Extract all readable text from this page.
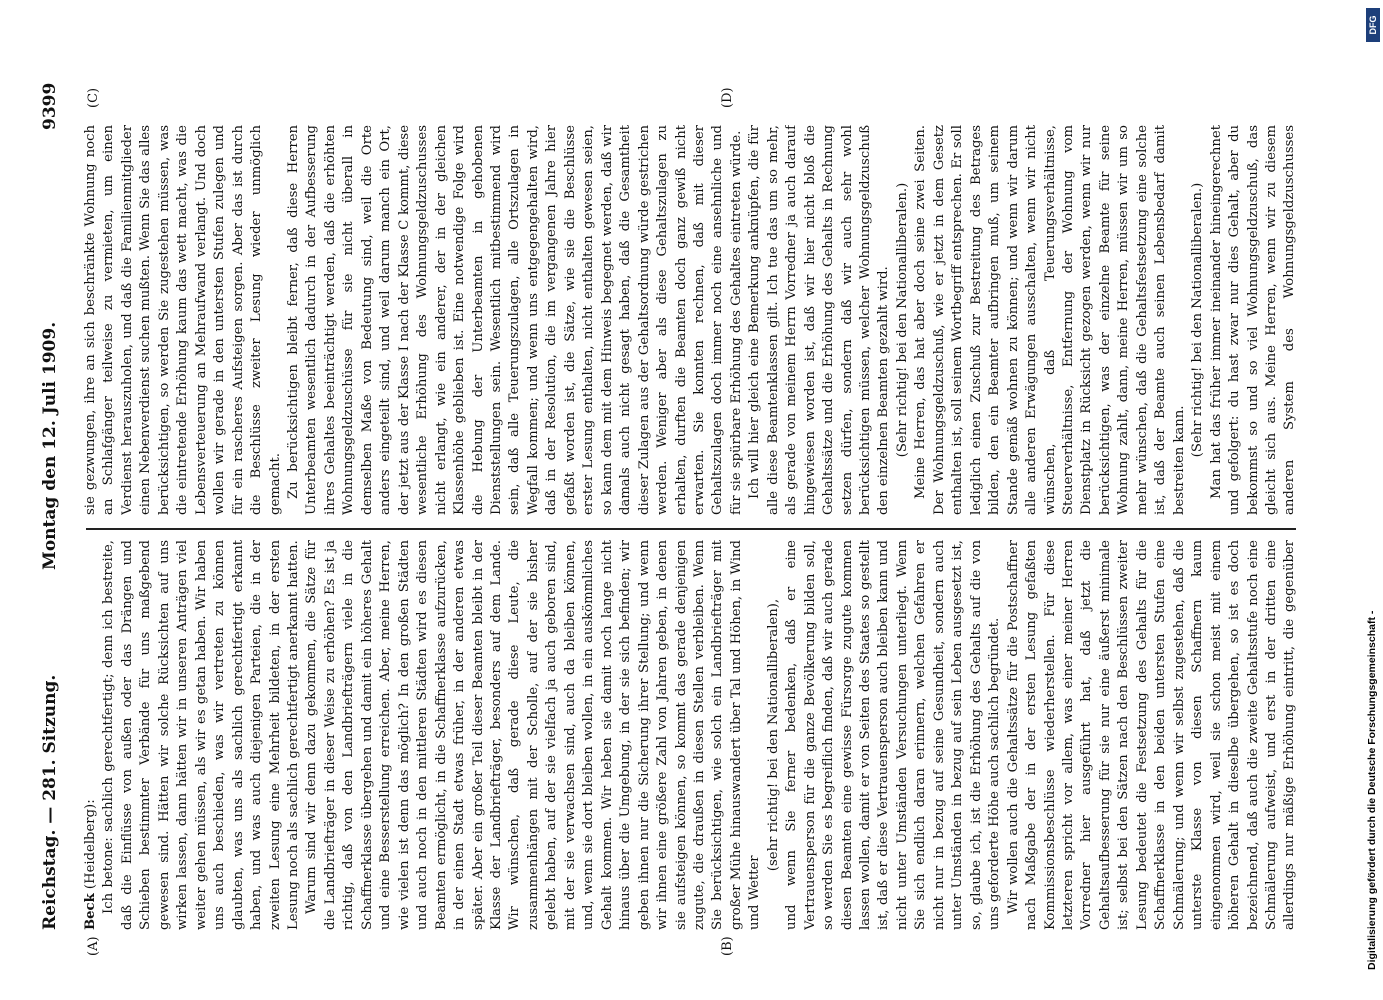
Reichstag. — 281. Sitzung.
Montag den 12. Juli 1909.
9399
(A)	(B)
(C)	(D)

Beck (Heidelberg): Ich betone: sachlich gerechtfertigt; denn ich bestreite, daß die Einflüsse von außen oder das Drängen und Schieben bestimmter Verbände für uns maßgebend gewesen sind. Hätten wir solche Rücksichten auf uns wirken lassen, dann hätten wir in unseren Anträgen viel weiter gehen müssen, als wir es getan haben. Wir haben uns auch beschieden, was wir vertreten zu können glaubten, was uns als sachlich gerechtfertigt erkannt haben, und was auch diejenigen Parteien, die in der zweiten Lesung eine Mehrheit bildeten, in der ersten Lesung noch als sachlich gerechtfertigt anerkannt hatten. Warum sind wir denn dazu gekommen, die Sätze für die Landbriefträger in dieser Weise zu erhöhen? Es ist ja richtig, daß von den Landbriefträgern viele in die Schaffnerklasse übergehen und damit ein höheres Gehalt und eine Besserstellung erreichen. Aber, meine Herren, wie vielen ist denn das möglich? In den großen Städten und auch noch in den mittleren Städten wird es diesen Beamten ermöglicht, in die Schaffnerklasse aufzurücken, in der einen Stadt etwas früher, in der anderen etwas später. Aber ein großer Teil dieser Beamten bleibt in der Klasse der Landbriefträger, besonders auf dem Lande. Wir wünschen, daß gerade diese Leute, die zusammenhängen mit der Scholle, auf der sie bisher gelebt haben, auf der sie vielfach ja auch geboren sind, mit der sie verwachsen sind, auch da bleiben können, und, wenn sie dort bleiben wollen, in ein auskömmliches Gehalt kommen. Wir heben sie damit noch lange nicht hinaus über die Umgebung, in der sie sich befinden; wir geben ihnen nur die Sicherung ihrer Stellung; und wenn wir ihnen eine größere Zahl von Jahren geben, in denen sie aufsteigen können, so kommt das gerade denjenigen zugute, die draußen in diesen Stellen verbleiben. Wenn Sie berücksichtigen, wie solch ein Landbriefträger mit großer Mühe hinauswandert über Tal und Höhen, in Wind und Wetter

(sehr richtig! bei den Nationalliberalen), und wenn Sie ferner bedenken, daß er eine Vertrauensperson für die ganze Bevölkerung bilden soll, so werden Sie es begreiflich finden, daß wir auch gerade diesen Beamten eine gewisse Fürsorge zugute kommen lassen wollen, damit er von Seiten des Staates so gestellt ist, daß er diese Vertrauensperson auch bleiben kann und nicht unter Umständen Versuchungen unterliegt. Wenn Sie sich endlich daran erinnern, welchen Gefahren er nicht nur in bezug auf seine Gesundheit, sondern auch unter Umständen in bezug auf sein Leben ausgesetzt ist, so, glaube ich, ist die Erhöhung des Gehalts auf die von uns geforderte Höhe auch sachlich begründet. Wir wollen auch die Gehaltssätze für die Postschaffner nach Maßgabe der in der ersten Lesung gefaßten Kommissionsbeschlüsse wiederherstellen. Für diese letzteren spricht vor allem, was einer meiner Herren Vorredner hier ausgeführt hat, daß jetzt die Gehaltsaufbesserung für sie nur eine äußerst minimale ist; selbst bei den Sätzen nach den Beschlüssen zweiter Lesung bedeutet die Festsetzung des Gehalts für die Schaffnerklasse in den beiden untersten Stufen eine Schmälerung; und wenn wir selbst zugestehen, daß die unterste Klasse von diesen Schaffnern kaum eingenommen wird, weil sie schon meist mit einem höheren Gehalt in dieselbe übergehen, so ist es doch bezeichnend, daß auch die zweite Gehaltsstufe noch eine Schmälerung aufweist, und erst in der dritten eine allerdings nur mäßige Erhöhung eintritt, die gegenüber

sie gezwungen, ihre an sich beschränkte Wohnung noch an Schlafgänger teilweise zu vermieten, um einen Verdienst herauszuholen, und daß die Familienmitglieder einen Nebenverdienst suchen mußten. Wenn Sie das alles berücksichtigen, so werden Sie zugestehen müssen, was die eintretende Erhöhung kaum das wett macht, was die Lebensverteuerung an Mehraufwand verlangt. Und doch wollen wir gerade in den untersten Stufen zulegen und für ein rascheres Aufsteigen sorgen. Aber das ist durch die Beschlüsse zweiter Lesung wieder unmöglich gemacht. Zu berücksichtigen bleibt ferner, daß diese Herren Unterbeamten wesentlich dadurch in der Aufbesserung ihres Gehaltes beeinträchtigt werden, daß die erhöhten Wohnungsgeldzuschüsse für sie nicht überall in demselben Maße von Bedeutung sind, weil die Orte anders eingeteilt sind, und weil darum manch ein Ort, der jetzt aus der Klasse I nach der Klasse C kommt, diese wesentliche Erhöhung des Wohnungsgeldzuschusses nicht erlangt, wie ein anderer, der in der gleichen Klassenhöhe geblieben ist. Eine notwendige Folge wird die Hebung der Unterbeamten in gehobenen Dienststellungen sein. Wesentlich mitbestimmend wird sein, daß alle Teuerungszulagen, alle Ortszulagen in Wegfall kommen; und wenn uns entgegengehalten wird, daß in der Resolution, die im vergangenen Jahre hier gefaßt worden ist, die Sätze, wie sie die Beschlüsse erster Lesung enthalten, nicht enthalten gewesen seien, so kann dem mit dem Hinweis begegnet werden, daß wir damals auch nicht gesagt haben, daß die Gesamtheit dieser Zulagen aus der Gehaltsordnung würde gestrichen werden. Weniger aber als diese Gehaltszulagen zu erhalten, durften die Beamten doch ganz gewiß nicht erwarten. Sie konnten rechnen, daß mit dieser Gehaltszulagen doch immer noch eine ansehnliche und für sie spürbare Erhöhung des Gehaltes eintreten würde. Ich will hier gleich eine Bemerkung anknüpfen, die für alle diese Beamtenklassen gilt. Ich tue das um so mehr, als gerade von meinem Herrn Vorredner ja auch darauf hingewiesen worden ist, daß wir hier nicht bloß die Gehaltssätze und die Erhöhung des Gehalts in Rechnung setzen dürfen, sondern daß wir auch sehr wohl berücksichtigen müssen, welcher Wohnungsgeldzuschuß den einzelnen Beamten gezahlt wird. (Sehr richtig! bei den Nationalliberalen.) Meine Herren, das hat aber doch seine zwei Seiten. Der Wohnungsgeldzuschuß, wie er jetzt in dem Gesetz enthalten ist, soll seinem Wortbegriff entsprechen. Er soll lediglich einen Zuschuß zur Bestreitung des Betrages bilden, den ein Beamter aufbringen muß, um seinem Stande gemäß wohnen zu können; und wenn wir darum alle anderen Erwägungen ausschalten, wenn wir nicht wünschen, daß Teuerungsverhältnisse, Steuerverhältnisse, Entfernung der Wohnung vom Dienstplatz in Rücksicht gezogen werden, wenn wir nur berücksichtigen, was der einzelne Beamte für seine Wohnung zahlt, dann, meine Herren, müssen wir um so mehr wünschen, daß die Gehaltsfestsetzung eine solche ist, daß der Beamte auch seinen Lebensbedarf damit bestreiten kann.

(Sehr richtig! bei den Nationalliberalen.)

Man hat das früher immer ineinander hineingerechnet und gefolgert: du hast zwar nur dies Gehalt, aber du bekommst so und so viel Wohnungsgeldzuschuß, das gleicht sich aus. Meine Herren, wenn wir zu diesem anderen System des Wohnungsgeldzuschusses

Digitalisierung gefördert durch die Deutsche Forschungsgemeinschaft -
DFG
